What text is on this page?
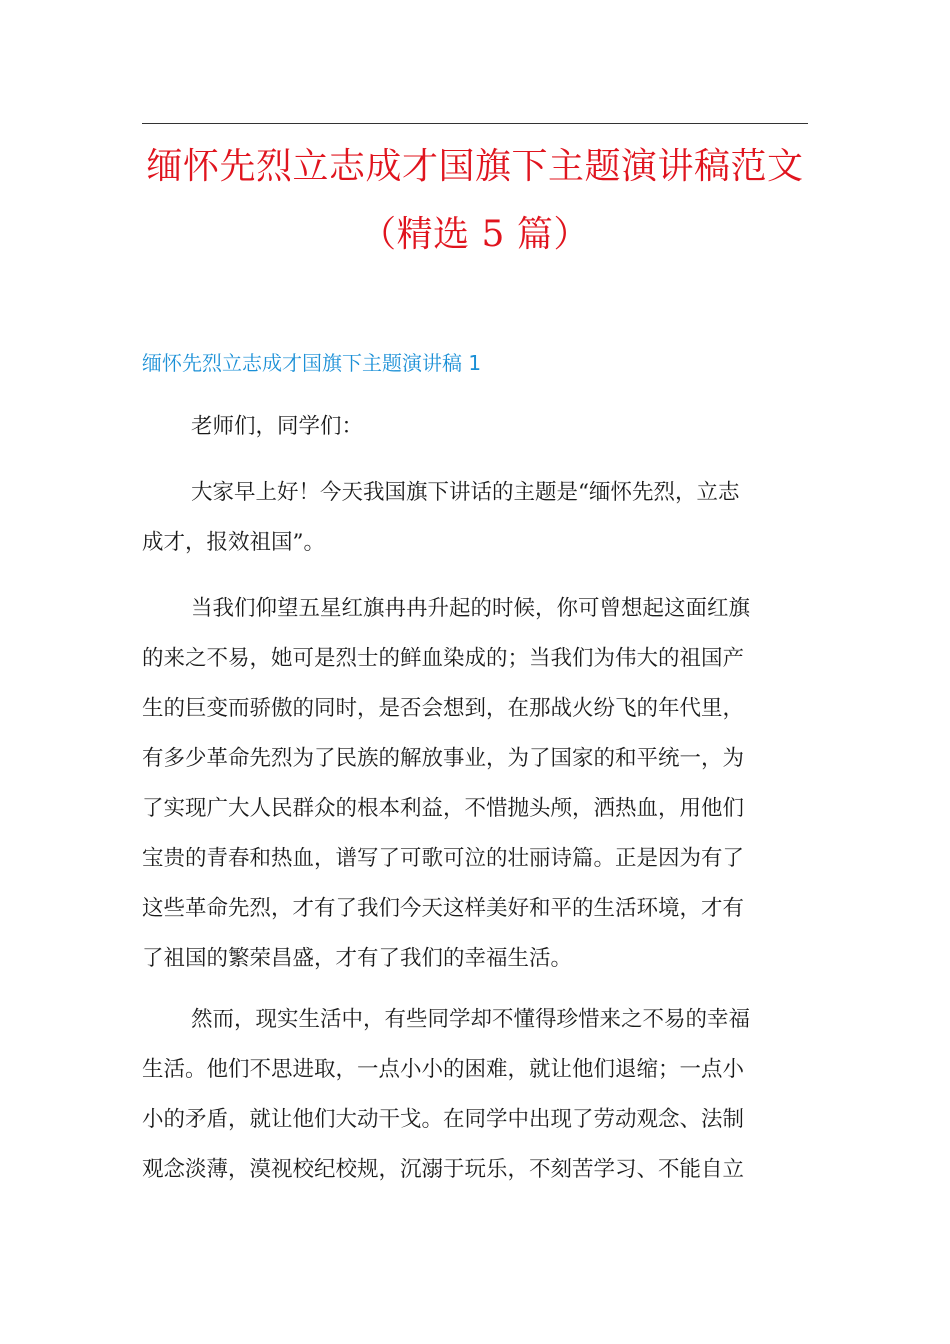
缅怀先烈立志成才国旗下主题演讲稿范文
（精选 5 篇）
缅怀先烈立志成才国旗下主题演讲稿 1
老师们，同学们：
大家早上好！今天我国旗下讲话的主题是“缅怀先烈，立志
成才，报效祖国”。
当我们仰望五星红旗冉冉升起的时候，你可曾想起这面红旗
的来之不易，她可是烈士的鲜血染成的；当我们为伟大的祖国产
生的巨变而骄傲的同时，是否会想到，在那战火纷飞的年代里，
有多少革命先烈为了民族的解放事业，为了国家的和平统一，为
了实现广大人民群众的根本利益，不惜抛头颅，洒热血，用他们
宝贵的青春和热血，谱写了可歌可泣的壮丽诗篇。正是因为有了
这些革命先烈，才有了我们今天这样美好和平的生活环境，才有
了祖国的繁荣昌盛，才有了我们的幸福生活。
然而，现实生活中，有些同学却不懂得珍惜来之不易的幸福
生活。他们不思进取，一点小小的困难，就让他们退缩；一点小
小的矛盾，就让他们大动干戈。在同学中出现了劳动观念、法制
观念淡薄，漠视校纪校规，沉溺于玩乐，不刻苦学习、不能自立
